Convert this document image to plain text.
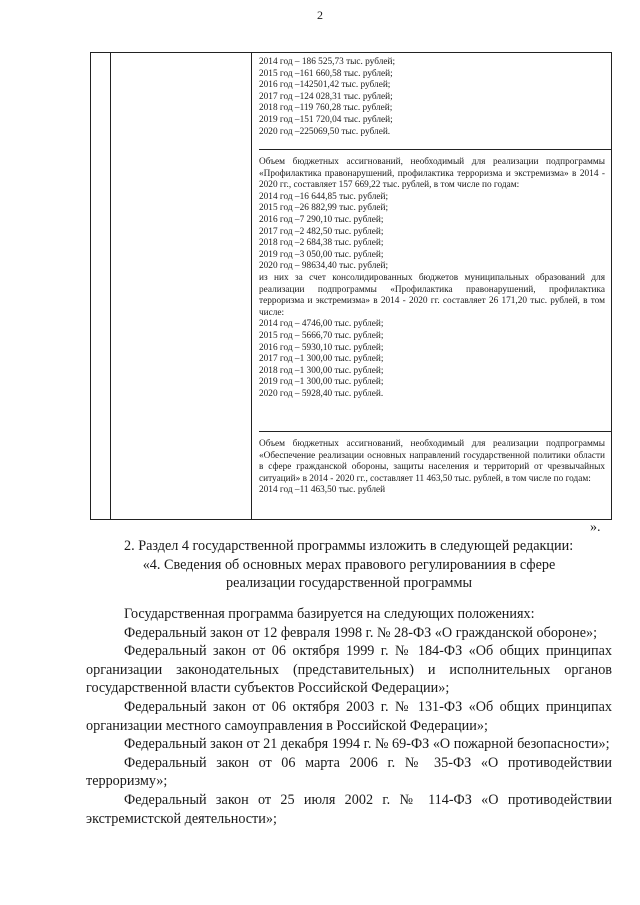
2

2014 год – 186 525,73 тыс. рублей;

2015 год –161 660,58 тыс. рублей;

2016 год –142501,42 тыс. рублей;

2017 год –124 028,31 тыс. рублей;

2018 год –119 760,28 тыс. рублей;

2019 год –151 720,04 тыс. рублей;

2020 год –225069,50 тыс. рублей.

Объем бюджетных ассигнований, необходимый для реализации подпрограммы «Профилактика правонарушений, профилактика терроризма и экстремизма» в 2014 - 2020 гг., составляет 157 669,22 тыс. рублей, в том числе по годам:

2014 год –16 644,85 тыс. рублей;

2015 год –26 882,99 тыс. рублей;

2016 год –7 290,10 тыс. рублей;

2017 год –2 482,50 тыс. рублей;

2018 год –2 684,38 тыс. рублей;

2019 год –3 050,00 тыс. рублей;

2020 год – 98634,40 тыс. рублей;

из них за счет консолидированных бюджетов муниципальных образований для реализации подпрограммы «Профилактика правонарушений, профилактика терроризма и экстремизма» в 2014 - 2020 гг. составляет 26 171,20 тыс. рублей, в том числе:

2014 год – 4746,00 тыс. рублей;

2015 год – 5666,70 тыс. рублей;

2016 год – 5930,10 тыс. рублей;

2017 год –1 300,00 тыс. рублей;

2018 год –1 300,00 тыс. рублей;

2019 год –1 300,00 тыс. рублей;

2020 год – 5928,40 тыс. рублей.

Объем бюджетных ассигнований, необходимый для реализации подпрограммы «Обеспечение реализации основных направлений государственной политики области в сфере гражданской обороны, защиты населения и территорий от чрезвычайных ситуаций» в 2014 - 2020 гг., составляет 11 463,50 тыс. рублей, в том числе по годам:

2014 год –11 463,50 тыс. рублей

».

2. Раздел 4 государственной программы изложить в следующей редакции:

«4. Сведения об основных мерах правового регулированиия в сфере реализации государственной программы

Государственная программа базируется на следующих положениях:

Федеральный закон от 12 февраля 1998 г. № 28-ФЗ «О гражданской обороне»;

Федеральный закон от 06 октября 1999 г. № 184-ФЗ «Об общих принципах организации законодательных (представительных) и исполнительных органов государственной власти субъектов Российской Федерации»;

Федеральный закон от 06 октября 2003 г. № 131-ФЗ «Об общих принципах организации местного самоуправления в Российской Федерации»;

Федеральный закон от 21 декабря 1994 г. № 69-ФЗ «О пожарной безопасности»;

Федеральный закон от 06 марта 2006 г. № 35-ФЗ «О противодействии терроризму»;

Федеральный закон от 25 июля 2002 г. № 114-ФЗ «О противодействии экстремистской деятельности»;
